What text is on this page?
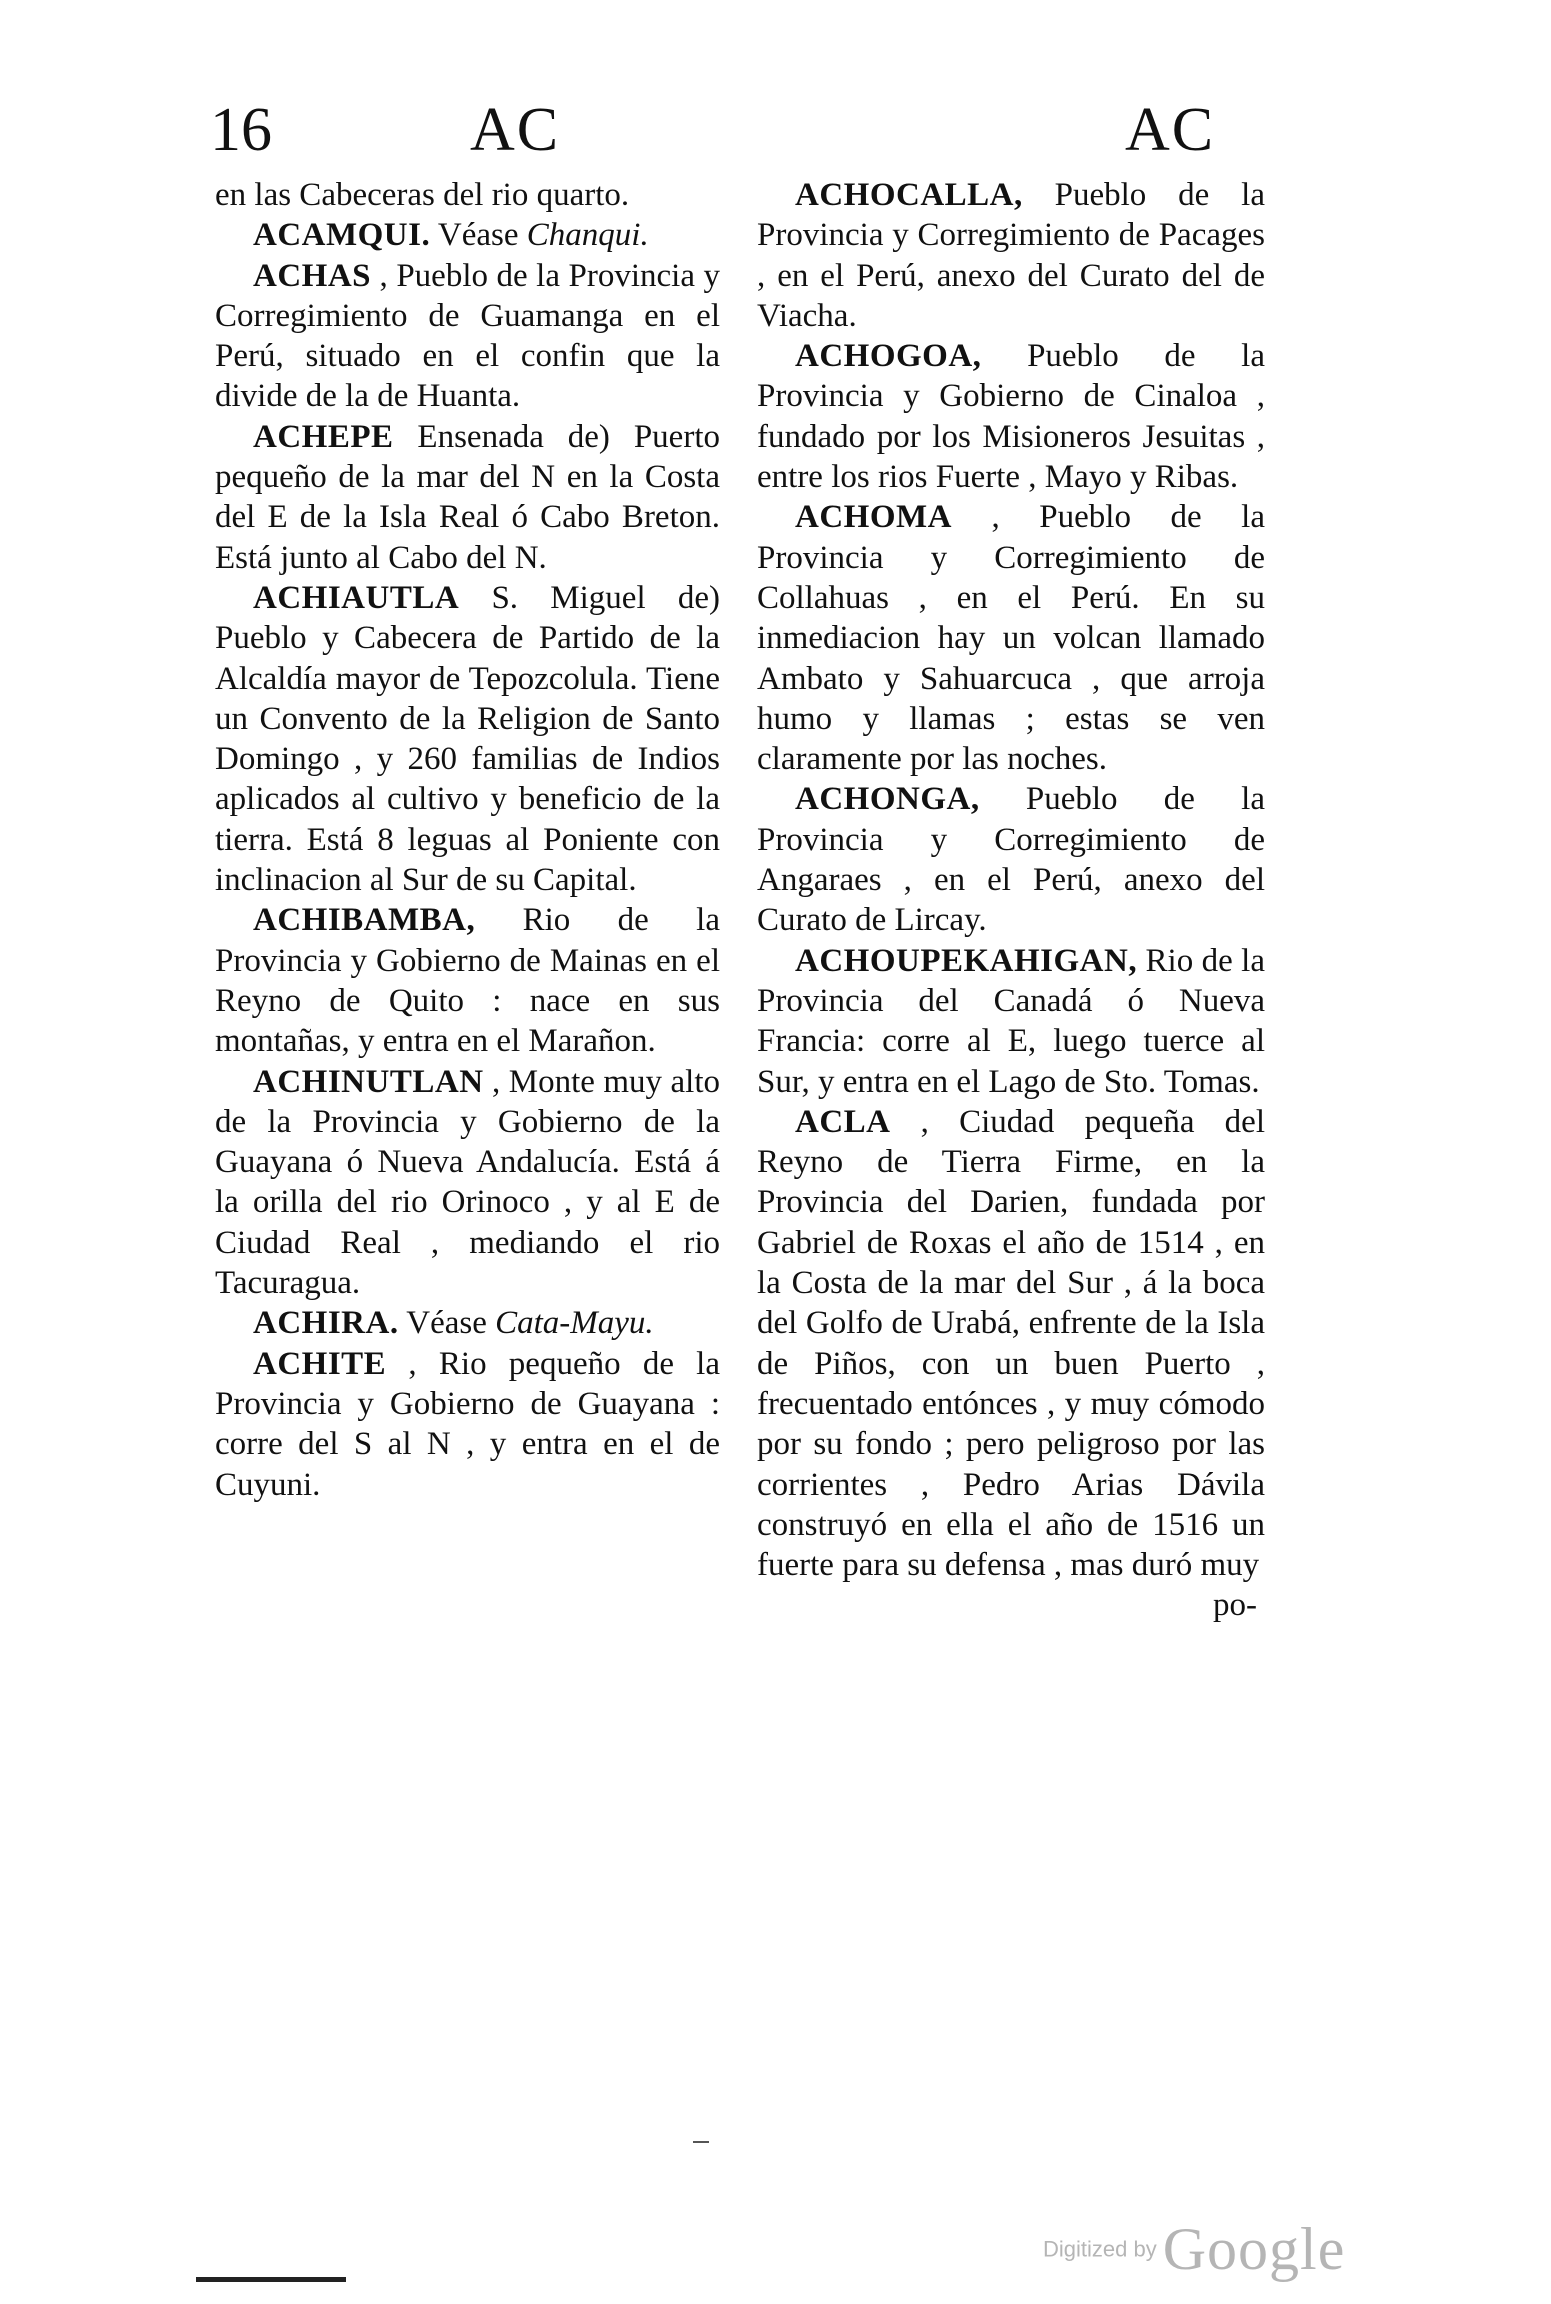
16	AC	AC

en las Cabeceras del rio quarto.

ACAMQUI. Véase Chanqui.

ACHAS , Pueblo de la Provincia y Corregimiento de Guamanga en el Perú, situado en el confin que la divide de la de Huanta.

ACHEPE Ensenada de) Puerto pequeño de la mar del N en la Costa del E de la Isla Real ó Cabo Breton. Está junto al Cabo del N.

ACHIAUTLA S. Miguel de) Pueblo y Cabecera de Partido de la Alcaldía mayor de Tepozcolula. Tiene un Convento de la Religion de Santo Domingo , y 260 familias de Indios aplicados al cultivo y beneficio de la tierra. Está 8 leguas al Poniente con inclinacion al Sur de su Capital.

ACHIBAMBA, Rio de la Provincia y Gobierno de Mainas en el Reyno de Quito : nace en sus montañas, y entra en el Marañon.

ACHINUTLAN , Monte muy alto de la Provincia y Gobierno de la Guayana ó Nueva Andalucía. Está á la orilla del rio Orinoco , y al E de Ciudad Real , mediando el rio Tacuragua.

ACHIRA. Véase Cata-Mayu.

ACHITE , Rio pequeño de la Provincia y Gobierno de Guayana : corre del S al N , y entra en el de Cuyuni.

ACHOCALLA, Pueblo de la Provincia y Corregimiento de Pacages , en el Perú, anexo del Curato del de Viacha.

ACHOGOA, Pueblo de la Provincia y Gobierno de Cinaloa , fundado por los Misioneros Jesuitas , entre los rios Fuerte , Mayo y Ribas.

ACHOMA , Pueblo de la Provincia y Corregimiento de Collahuas , en el Perú. En su inmediacion hay un volcan llamado Ambato y Sahuarcuca , que arroja humo y llamas ; estas se ven claramente por las noches.

ACHONGA, Pueblo de la Provincia y Corregimiento de Angaraes , en el Perú, anexo del Curato de Lircay.

ACHOUPEKAHIGAN, Rio de la Provincia del Canadá ó Nueva Francia: corre al E, luego tuerce al Sur, y entra en el Lago de Sto. Tomas.

ACLA , Ciudad pequeña del Reyno de Tierra Firme, en la Provincia del Darien, fundada por Gabriel de Roxas el año de 1514 , en la Costa de la mar del Sur , á la boca del Golfo de Urabá, enfrente de la Isla de Piños, con un buen Puerto , frecuentado entónces , y muy cómodo por su fondo ; pero peligroso por las corrientes , Pedro Arias Dávila construyó en ella el año de 1516 un fuerte para su defensa , mas duró muy

po-

Digitized by Google
